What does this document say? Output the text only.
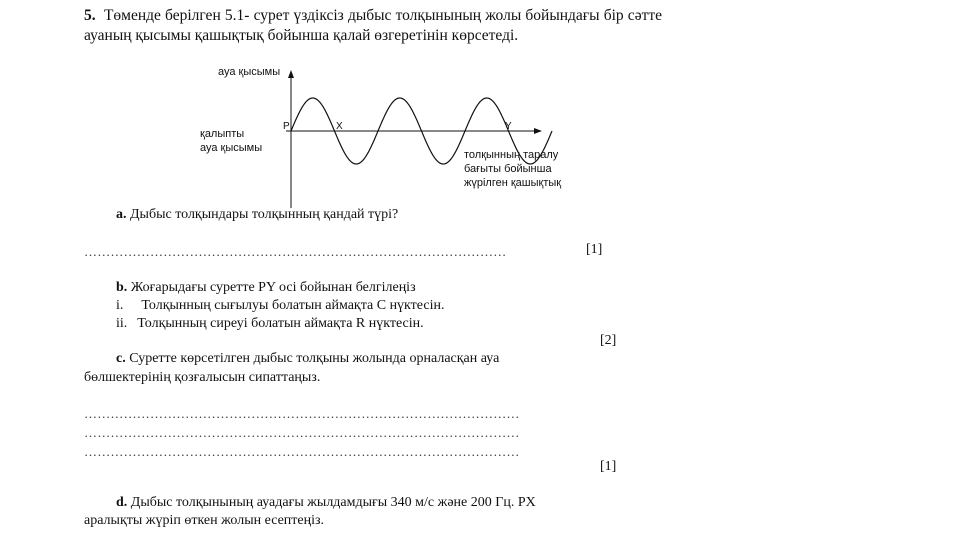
5. Төменде берілген 5.1- сурет үздіксіз дыбыс толқынының жолы бойындағы бір сәтте ауаның қысымы қашықтық бойынша қалай өзгеретінін көрсетеді.

ауа қысымы
қалыпты
ауа қысымы
P	X	Y
толқынның таралу
бағыты бойынша
жүрілген қашықтық

a. Дыбыс толқындары толқынның қандай түрі?

……………………………………………………………………………………	[1]

b. Жоғарыдағы суретте PY осі бойынан белгілеңіз

i. Толқынның сығылуы болатын аймақта С нүктесін.

ii. Толқынның сиреуі болатын аймақта R нүктесін.

[2]

c. Суретте көрсетілген дыбыс толқыны жолында орналасқан ауа

бөлшектерінің қозғалысын сипаттаңыз.

………………………………………………………………………………………
………………………………………………………………………………………
………………………………………………………………………………………
[1]

d. Дыбыс толқынының ауадағы жылдамдығы 340 м/с және 200 Гц. PX

аралықты жүріп өткен жолын есептеңіз.
